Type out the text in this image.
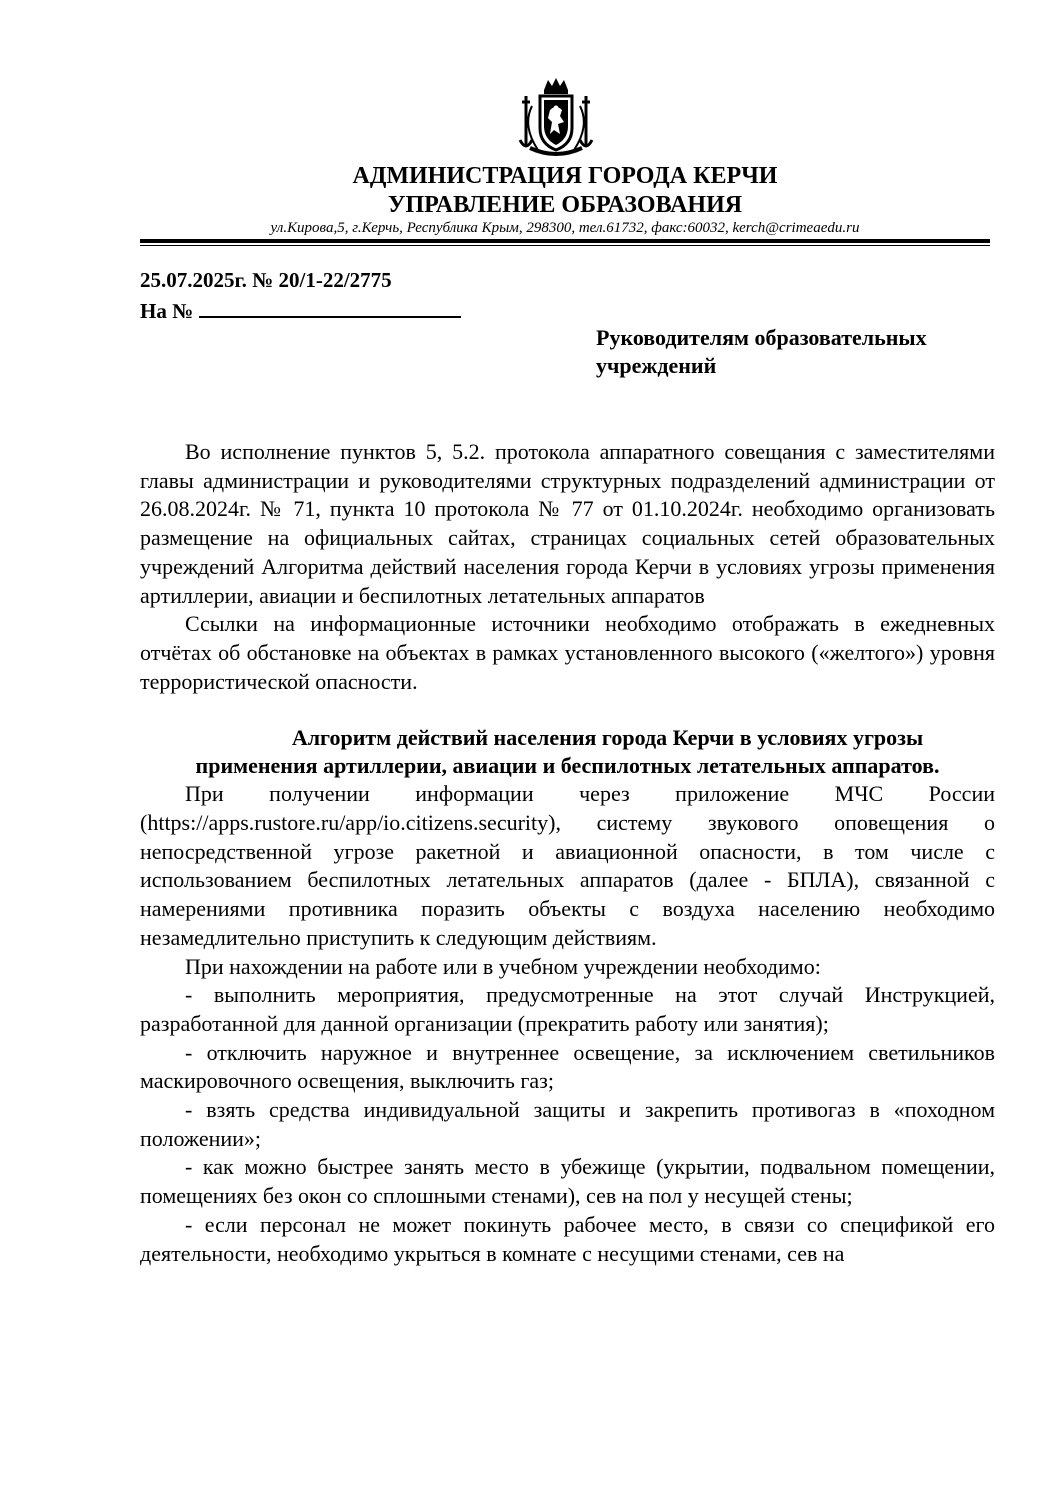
АДМИНИСТРАЦИЯ ГОРОДА КЕРЧИ
УПРАВЛЕНИЕ ОБРАЗОВАНИЯ
ул.Кирова,5, г.Керчь, Республика Крым, 298300, тел.61732, факс:60032, kerch@crimeaedu.ru
25.07.2025г. № 20/1-22/2775
На №
Руководителям образовательных
учреждений

Во исполнение пунктов 5, 5.2. протокола аппаратного совещания с заместителями главы администрации и руководителями структурных подразделений администрации от 26.08.2024г. № 71, пункта 10 протокола № 77 от 01.10.2024г. необходимо организовать размещение на официальных сайтах, страницах социальных сетей образовательных учреждений Алгоритма действий населения города Керчи в условиях угрозы применения артиллерии, авиации и беспилотных летательных аппаратов

Ссылки на информационные источники необходимо отображать в ежедневных отчётах об обстановке на объектах в рамках установленного высокого («желтого») уровня террористической опасности.

Алгоритм действий населения города Керчи в условиях угрозы
применения артиллерии, авиации и беспилотных летательных аппаратов.

При получении информации через приложение МЧС России (https://apps.rustore.ru/app/io.citizens.security), систему звукового оповещения о непосредственной угрозе ракетной и авиационной опасности, в том числе с использованием беспилотных летательных аппаратов (далее - БПЛА), связанной с намерениями противника поразить объекты с воздуха населению необходимо незамедлительно приступить к следующим действиям.

При нахождении на работе или в учебном учреждении необходимо:

- выполнить мероприятия, предусмотренные на этот случай Инструкцией, разработанной для данной организации (прекратить работу или занятия);

- отключить наружное и внутреннее освещение, за исключением светильников маскировочного освещения, выключить газ;

- взять средства индивидуальной защиты и закрепить противогаз в «походном положении»;

- как можно быстрее занять место в убежище (укрытии, подвальном помещении, помещениях без окон со сплошными стенами), сев на пол у несущей стены;

- если персонал не может покинуть рабочее место, в связи со спецификой его деятельности, необходимо укрыться в комнате с несущими стенами, сев на
